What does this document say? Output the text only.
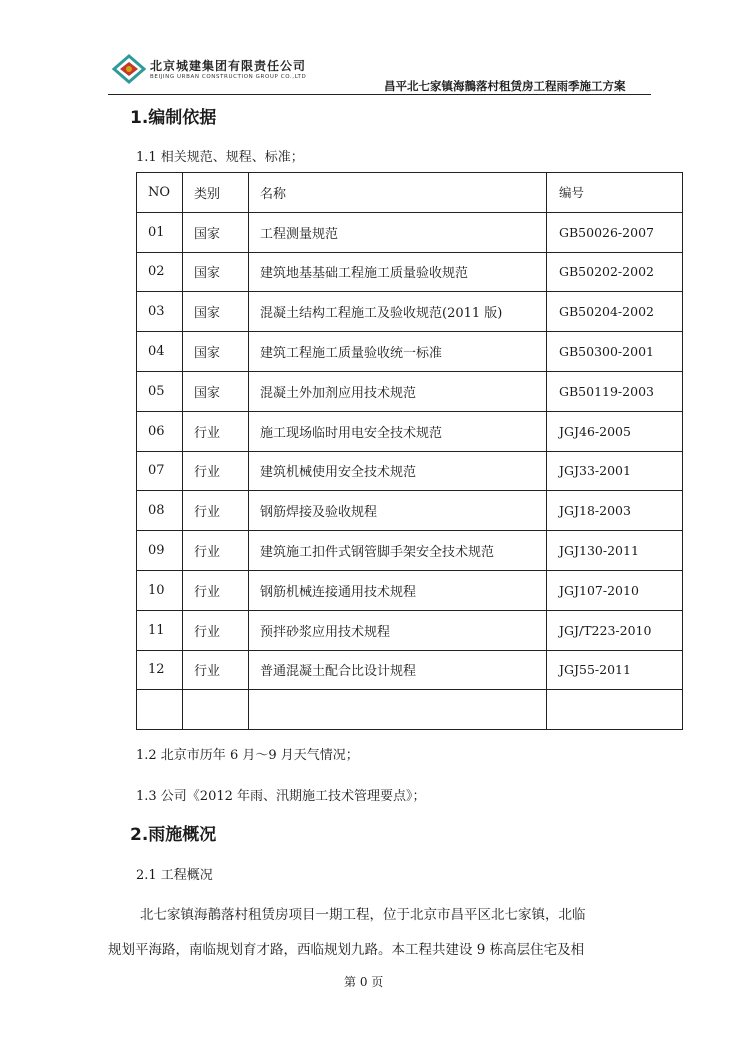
北京城建集团有限责任公司
BEIJING URBAN CONSTRUCTION GROUP CO.,LTD
昌平北七家镇海鶄落村租赁房工程雨季施工方案
1.编制依据
1.1 相关规范、规程、标准；
NO	类别	名称	编号
01	国家	工程测量规范	GB50026-2007
02	国家	建筑地基基础工程施工质量验收规范	GB50202-2002
03	国家	混凝土结构工程施工及验收规范(2011 版)	GB50204-2002
04	国家	建筑工程施工质量验收统一标准	GB50300-2001
05	国家	混凝土外加剂应用技术规范	GB50119-2003
06	行业	施工现场临时用电安全技术规范	JGJ46-2005
07	行业	建筑机械使用安全技术规范	JGJ33-2001
08	行业	钢筋焊接及验收规程	JGJ18-2003
09	行业	建筑施工扣件式钢管脚手架安全技术规范	JGJ130-2011
10	行业	钢筋机械连接通用技术规程	JGJ107-2010
11	行业	预拌砂浆应用技术规程	JGJ/T223-2010
12	行业	普通混凝土配合比设计规程	JGJ55-2011

1.2 北京市历年 6 月～9 月天气情况；
1.3 公司《2012 年雨、汛期施工技术管理要点》；
2.雨施概况
2.1 工程概况
北七家镇海鶄落村租赁房项目一期工程，位于北京市昌平区北七家镇，北临
规划平海路，南临规划育才路，西临规划九路。本工程共建设 9 栋高层住宅及相
第 0 页
